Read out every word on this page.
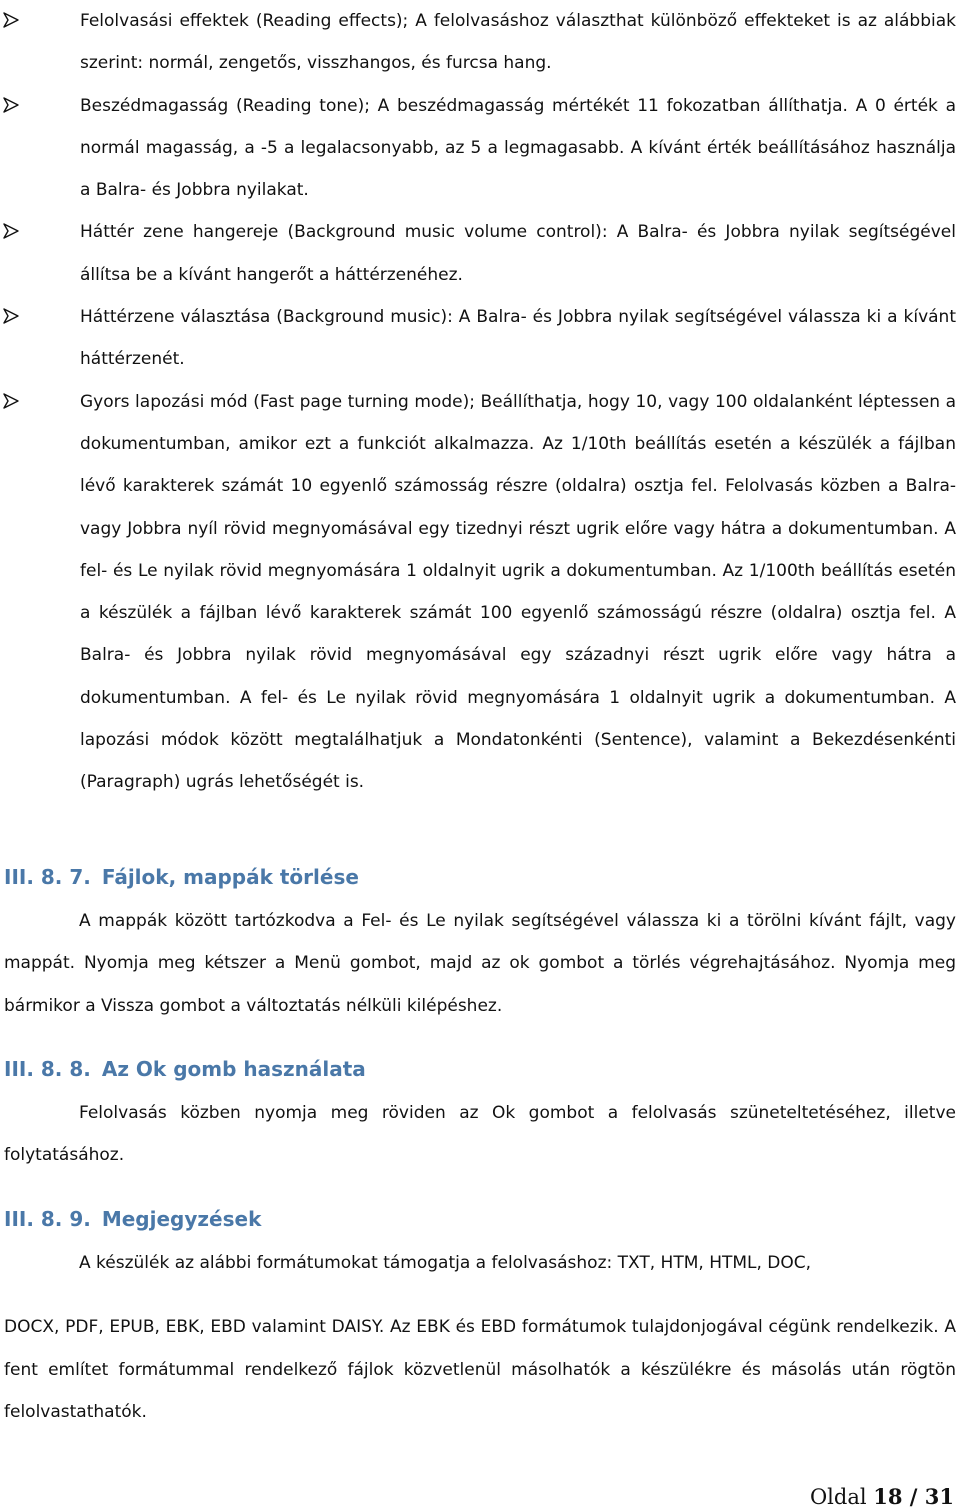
Felolvasási effektek (Reading effects); A felolvasáshoz választhat különböző effekteket is az alábbiak szerint: normál, zengetős, visszhangos, és furcsa hang.
Beszédmagasság (Reading tone); A beszédmagasság mértékét 11 fokozatban állíthatja. A 0 érték a normál magasság, a -5 a legalacsonyabb, az 5 a legmagasabb. A kívánt érték beállításához használja a Balra- és Jobbra nyilakat.
Háttér zene hangereje (Background music volume control): A Balra- és Jobbra nyilak segítségével állítsa be a kívánt hangerőt a háttérzenéhez.
Háttérzene választása (Background music): A Balra- és Jobbra nyilak segítségével válassza ki a kívánt háttérzenét.
Gyors lapozási mód (Fast page turning mode); Beállíthatja, hogy 10, vagy 100 oldalanként léptessen a dokumentumban, amikor ezt a funkciót alkalmazza. Az 1/10th beállítás esetén a készülék a fájlban lévő karakterek számát 10 egyenlő számosság részre (oldalra) osztja fel. Felolvasás közben a Balra- vagy Jobbra nyíl rövid megnyomásával egy tizednyi részt ugrik előre vagy hátra a dokumentumban. A fel- és Le nyilak rövid megnyomására 1 oldalnyit ugrik a dokumentumban. Az 1/100th beállítás esetén a készülék a fájlban lévő karakterek számát 100 egyenlő számosságú részre (oldalra) osztja fel. A Balra- és Jobbra nyilak rövid megnyomásával egy századnyi részt ugrik előre vagy hátra a dokumentumban. A fel- és Le nyilak rövid megnyomására 1 oldalnyit ugrik a dokumentumban. A lapozási módok között megtalálhatjuk a Mondatonkénti (Sentence), valamint a Bekezdésenkénti (Paragraph) ugrás lehetőségét is.
III. 8. 7. Fájlok, mappák törlése

A mappák között tartózkodva a Fel- és Le nyilak segítségével válassza ki a törölni kívánt fájlt, vagy mappát. Nyomja meg kétszer a Menü gombot, majd az ok gombot a törlés végrehajtásához. Nyomja meg bármikor a Vissza gombot a változtatás nélküli kilépéshez.

III. 8. 8. Az Ok gomb használata

Felolvasás közben nyomja meg röviden az Ok gombot a felolvasás szüneteltetéséhez, illetve folytatásához.

III. 8. 9. Megjegyzések

A készülék az alábbi formátumokat támogatja a felolvasáshoz: TXT, HTM, HTML, DOC,

DOCX, PDF, EPUB, EBK, EBD valamint DAISY. Az EBK és EBD formátumok tulajdonjogával cégünk rendelkezik. A fent említet formátummal rendelkező fájlok közvetlenül másolhatók a készülékre és másolás után rögtön felolvastathatók.

Oldal 18 / 31
